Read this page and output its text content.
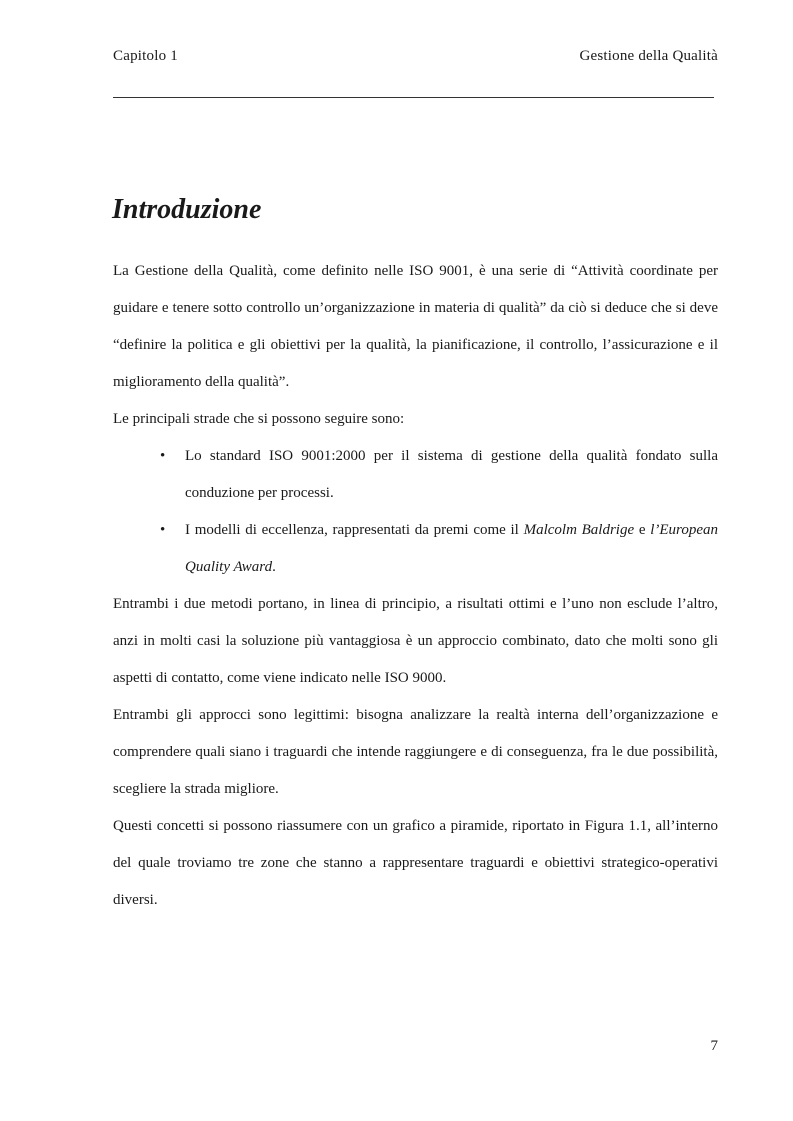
Capitolo 1	Gestione della Qualità
Introduzione

La Gestione della Qualità, come definito nelle ISO 9001, è una serie di “Attività coordinate per guidare e tenere sotto controllo un’organizzazione in materia di qualità” da ciò si deduce che si deve “definire la politica e gli obiettivi per la qualità, la pianificazione, il controllo, l’assicurazione e il miglioramento della qualità”.

Le principali strade che si possono seguire sono:

• Lo standard ISO 9001:2000 per il sistema di gestione della qualità fondato sulla conduzione per processi.
• I modelli di eccellenza, rappresentati da premi come il Malcolm Baldrige e l’European Quality Award.

Entrambi i due metodi portano, in linea di principio, a risultati ottimi e l’uno non esclude l’altro, anzi in molti casi la soluzione più vantaggiosa è un approccio combinato, dato che molti sono gli aspetti di contatto, come viene indicato nelle ISO 9000.

Entrambi gli approcci sono legittimi: bisogna analizzare la realtà interna dell’organizzazione e comprendere quali siano i traguardi che intende raggiungere e di conseguenza, fra le due possibilità, scegliere la strada migliore.

Questi concetti si possono riassumere con un grafico a piramide, riportato in Figura 1.1, all’interno del quale troviamo tre zone che stanno a rappresentare traguardi e obiettivi strategico-operativi diversi.

7
